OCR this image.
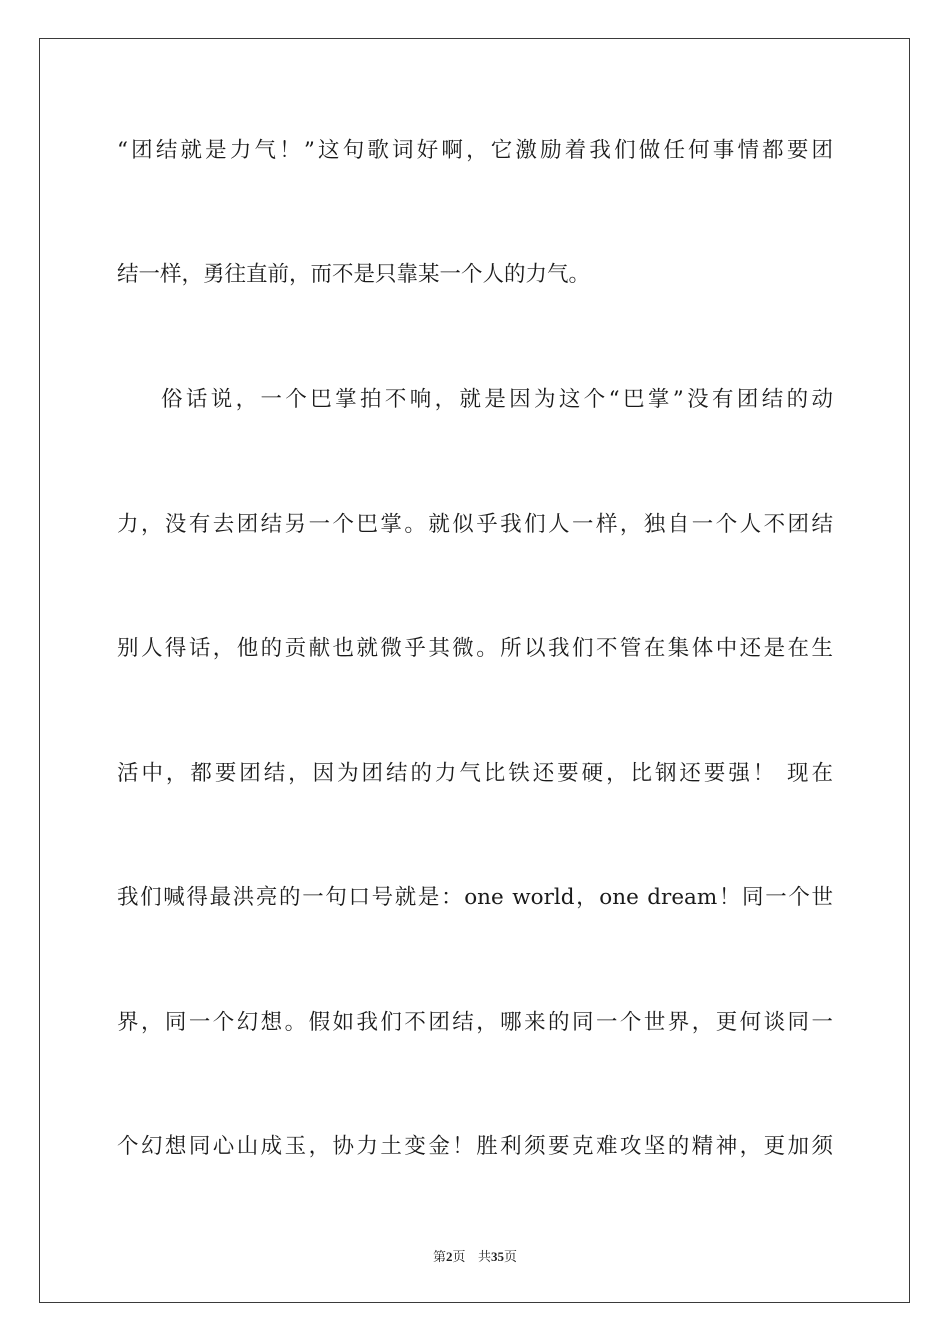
“团结就是力气！”这句歌词好啊，它激励着我们做任何事情都要团
结一样，勇往直前，而不是只靠某一个人的力气。
俗话说，一个巴掌拍不响，就是因为这个“巴掌”没有团结的动
力，没有去团结另一个巴掌。就似乎我们人一样，独自一个人不团结
别人得话，他的贡献也就微乎其微。所以我们不管在集体中还是在生
活中，都要团结，因为团结的力气比铁还要硬，比钢还要强！ 现在
我们喊得最洪亮的一句口号就是：one world，one dream！同一个世
界，同一个幻想。假如我们不团结，哪来的同一个世界，更何谈同一
个幻想同心山成玉，协力土变金！胜利须要克难攻坚的精神，更加须
第2页 共35页
